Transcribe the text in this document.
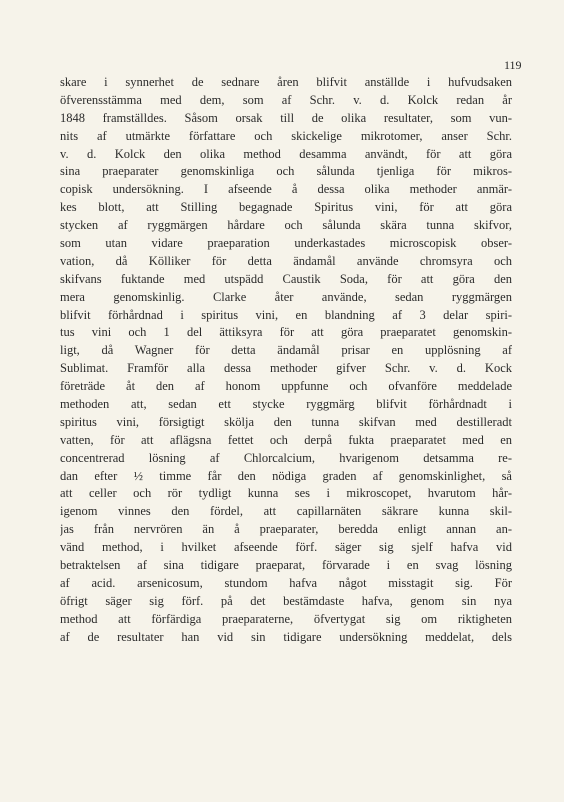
119
skare i synnerhet de sednare åren blifvit anställde i hufvudsaken
öfverensstämma med dem, som af Schr. v. d. Kolck redan år
1848 framställdes. Såsom orsak till de olika resultater, som vun-
nits af utmärkte författare och skickelige mikrotomer, anser Schr.
v. d. Kolck den olika method desamma användt, för att göra
sina praeparater genomskinliga och sålunda tjenliga för mikros-
copisk undersökning. I afseende å dessa olika methoder anmär-
kes blott, att Stilling begagnade Spiritus vini, för att göra
stycken af ryggmärgen hårdare och sålunda skära tunna skifvor,
som utan vidare praeparation underkastades microscopisk obser-
vation, då Kölliker för detta ändamål använde chromsyra och
skifvans fuktande med utspädd Caustik Soda, för att göra den
mera genomskinlig. Clarke åter använde, sedan ryggmärgen
blifvit förhårdnad i spiritus vini, en blandning af 3 delar spiri-
tus vini och 1 del ättiksyra för att göra praeparatet genomskin-
ligt, då Wagner för detta ändamål prisar en upplösning af
Sublimat. Framför alla dessa methoder gifver Schr. v. d. Kock
företräde åt den af honom uppfunne och ofvanföre meddelade
methoden att, sedan ett stycke ryggmärg blifvit förhårdnadt i
spiritus vini, försigtigt skölja den tunna skifvan med destilleradt
vatten, för att aflägsna fettet och derpå fukta praeparatet med en
concentrerad lösning af Chlorcalcium, hvarigenom detsamma re-
dan efter ½ timme får den nödiga graden af genomskinlighet, så
att celler och rör tydligt kunna ses i mikroscopet, hvarutom hår-
igenom vinnes den fördel, att capillarnäten säkrare kunna skil-
jas från nervrören än å praeparater, beredda enligt annan an-
vänd method, i hvilket afseende förf. säger sig sjelf hafva vid
betraktelsen af sina tidigare praeparat, förvarade i en svag lösning
af acid. arsenicosum, stundom hafva något misstagit sig. För
öfrigt säger sig förf. på det bestämdaste hafva, genom sin nya
method att förfärdiga praeparaterne, öfvertygat sig om riktigheten
af de resultater han vid sin tidigare undersökning meddelat, dels
